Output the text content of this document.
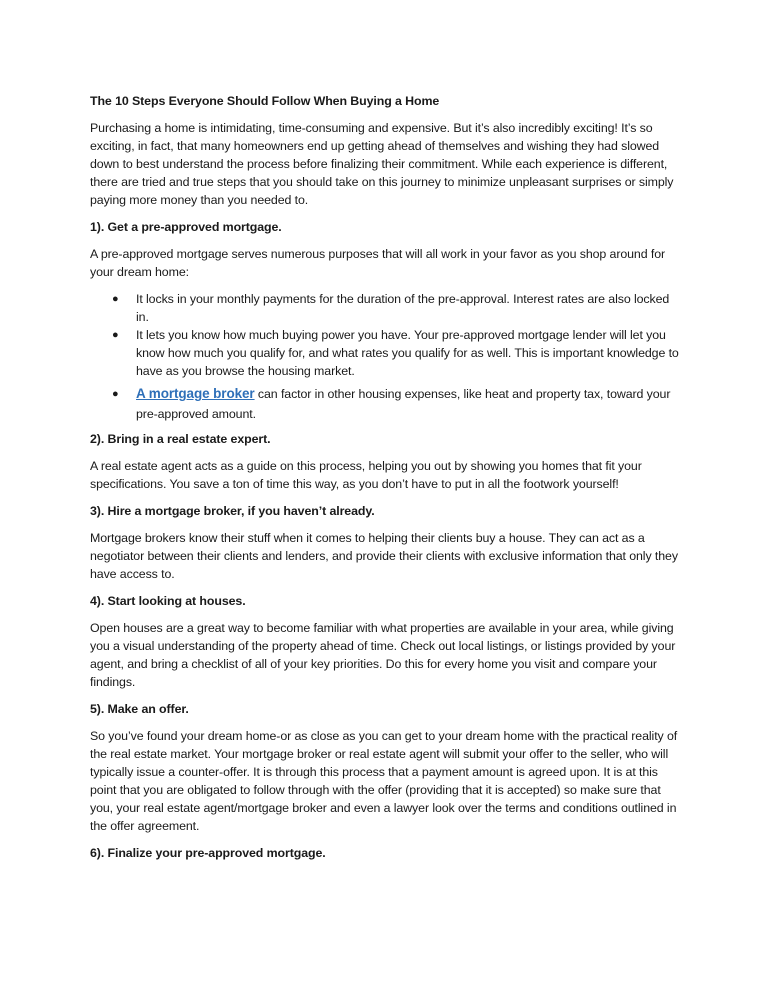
The 10 Steps Everyone Should Follow When Buying a Home

Purchasing a home is intimidating, time-consuming and expensive. But it’s also incredibly exciting! It’s so exciting, in fact, that many homeowners end up getting ahead of themselves and wishing they had slowed down to best understand the process before finalizing their commitment. While each experience is different, there are tried and true steps that you should take on this journey to minimize unpleasant surprises or simply paying more money than you needed to.

1). Get a pre-approved mortgage.

A pre-approved mortgage serves numerous purposes that will all work in your favor as you shop around for your dream home:

● It locks in your monthly payments for the duration of the pre-approval. Interest rates are also locked in.
● It lets you know how much buying power you have. Your pre-approved mortgage lender will let you know how much you qualify for, and what rates you qualify for as well. This is important knowledge to have as you browse the housing market.
● A mortgage broker can factor in other housing expenses, like heat and property tax, toward your pre-approved amount.
2). Bring in a real estate expert.

A real estate agent acts as a guide on this process, helping you out by showing you homes that fit your specifications. You save a ton of time this way, as you don’t have to put in all the footwork yourself!

3). Hire a mortgage broker, if you haven’t already.

Mortgage brokers know their stuff when it comes to helping their clients buy a house. They can act as a negotiator between their clients and lenders, and provide their clients with exclusive information that only they have access to.

4). Start looking at houses.

Open houses are a great way to become familiar with what properties are available in your area, while giving you a visual understanding of the property ahead of time. Check out local listings, or listings provided by your agent, and bring a checklist of all of your key priorities. Do this for every home you visit and compare your findings.

5). Make an offer.

So you’ve found your dream home-or as close as you can get to your dream home with the practical reality of the real estate market. Your mortgage broker or real estate agent will submit your offer to the seller, who will typically issue a counter-offer. It is through this process that a payment amount is agreed upon. It is at this point that you are obligated to follow through with the offer (providing that it is accepted) so make sure that you, your real estate agent/mortgage broker and even a lawyer look over the terms and conditions outlined in the offer agreement.

6). Finalize your pre-approved mortgage.
